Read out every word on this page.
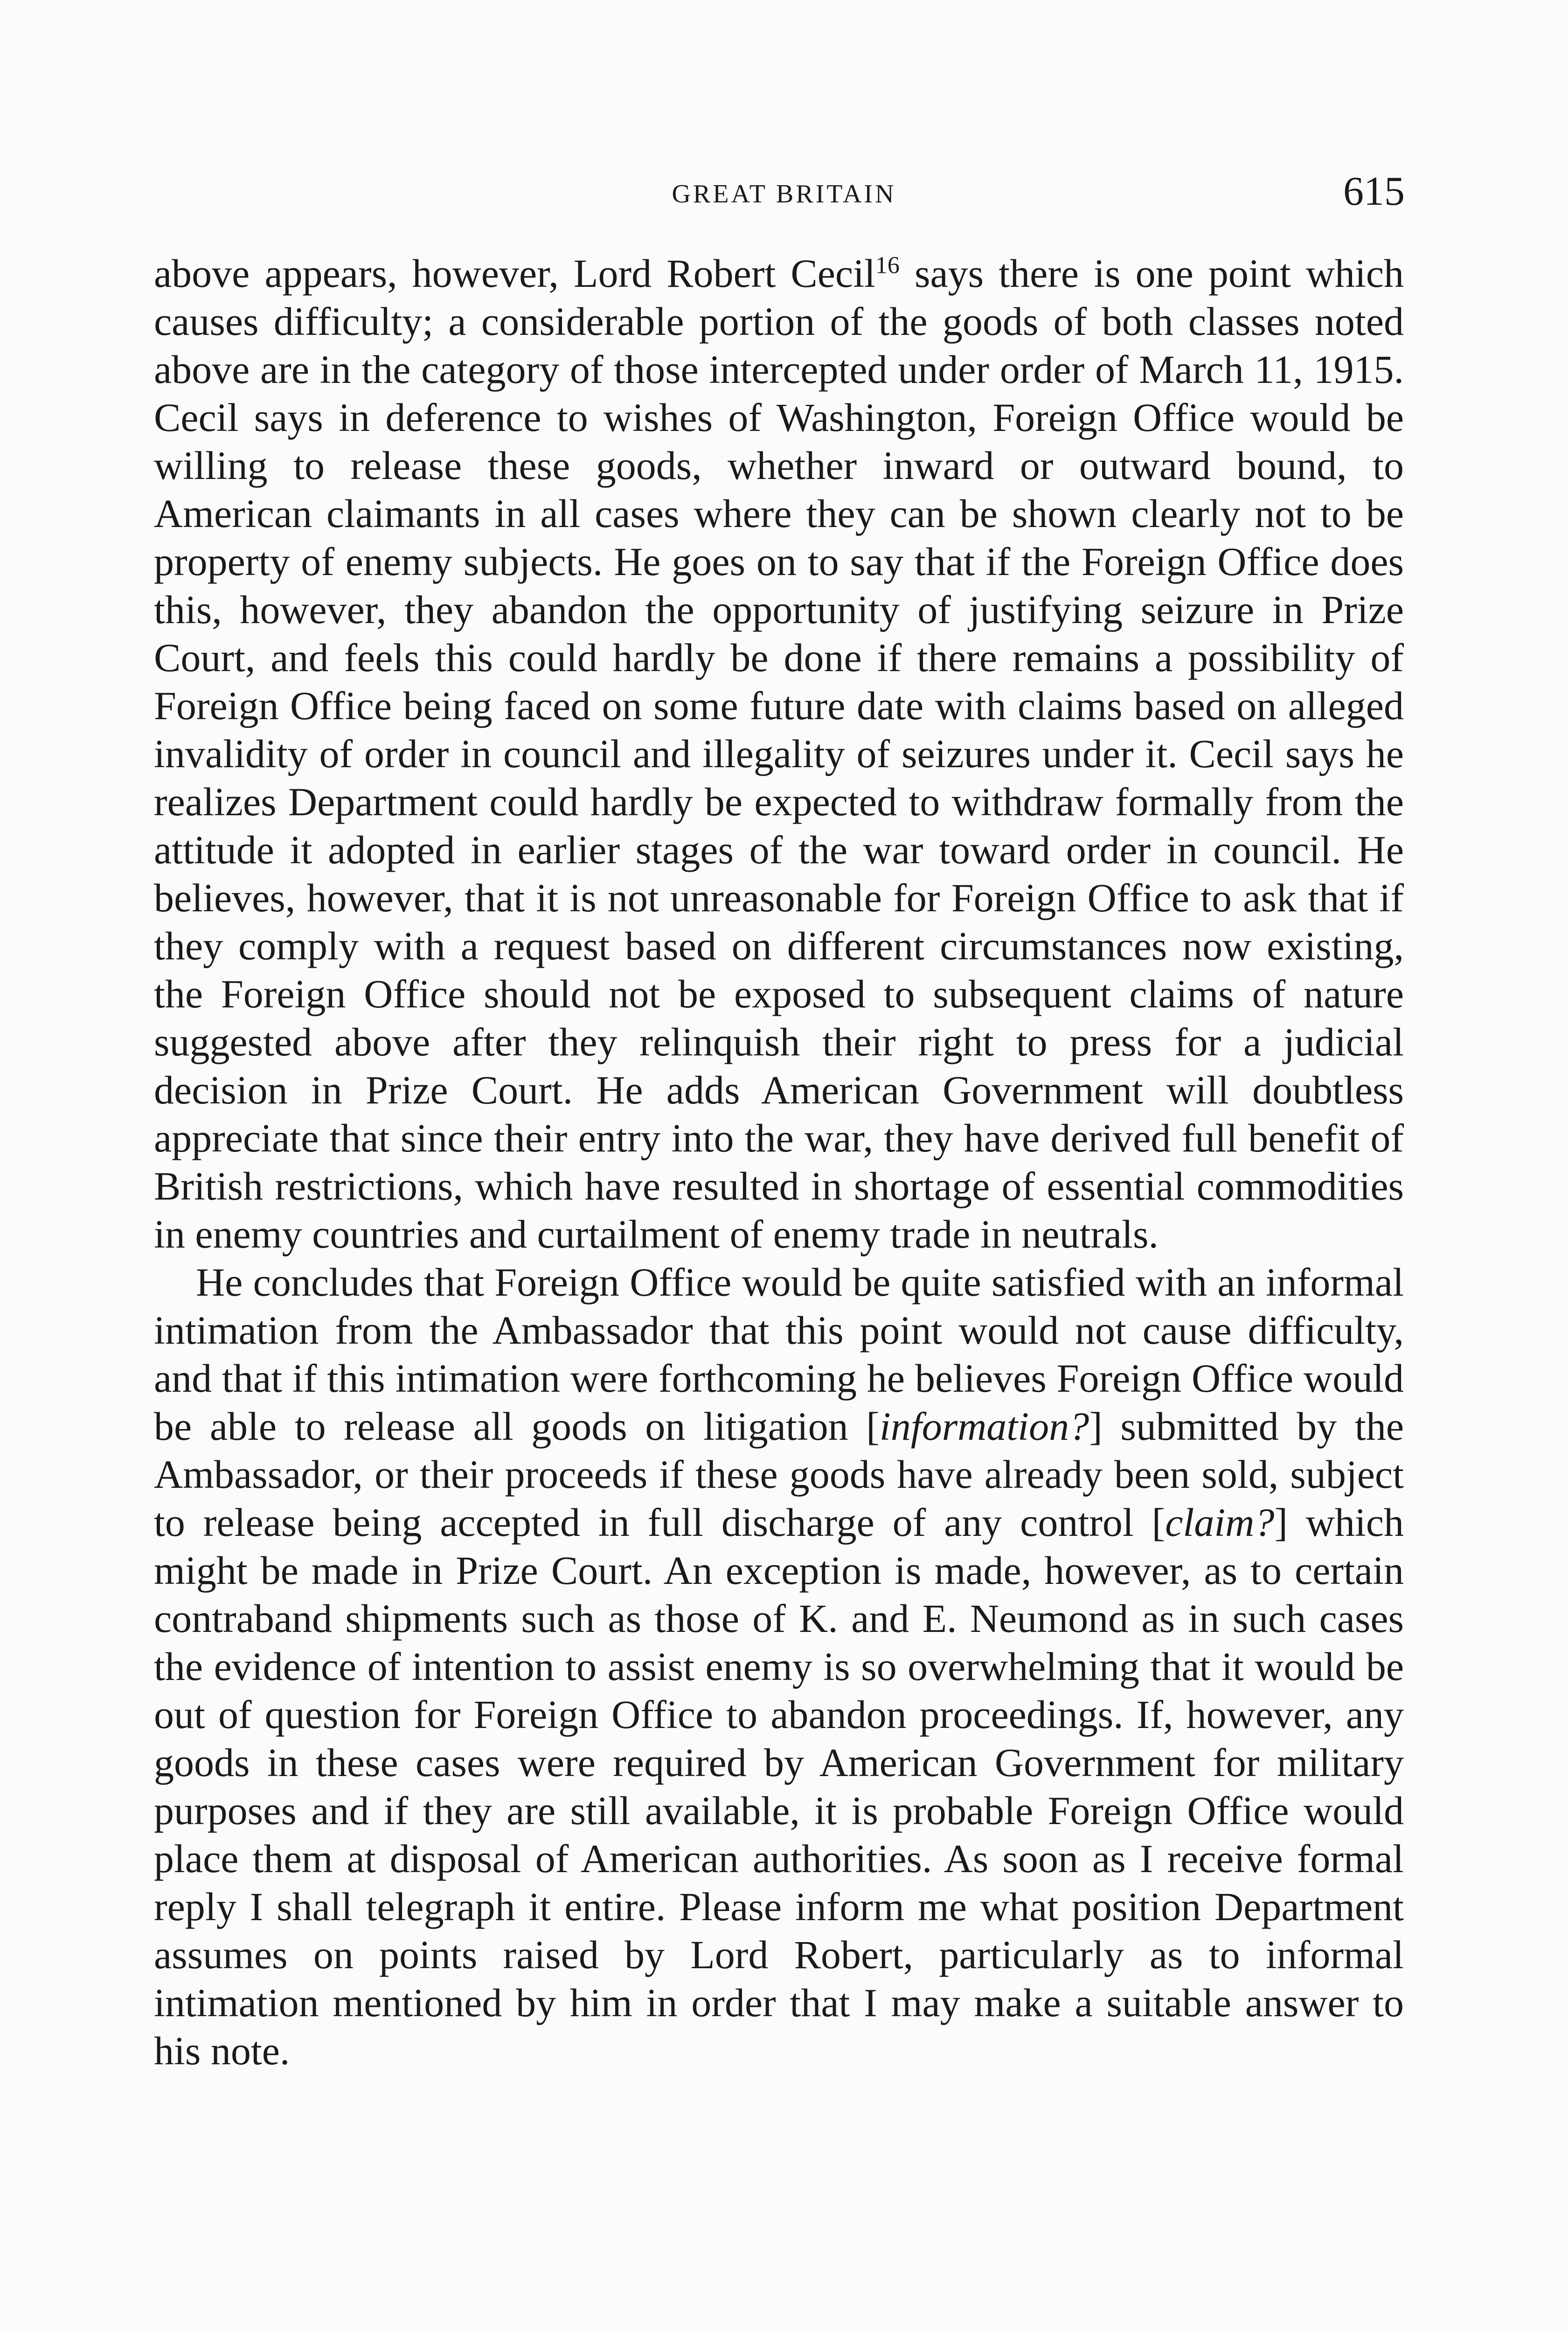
GREAT BRITAIN	615

above appears, however, Lord Robert Cecil$^{16}$ says there is one point which causes difficulty; a considerable portion of the goods of both classes noted above are in the category of those intercepted under order of March 11, 1915. Cecil says in deference to wishes of Washington, Foreign Office would be willing to release these goods, whether inward or outward bound, to American claimants in all cases where they can be shown clearly not to be property of enemy subjects. He goes on to say that if the Foreign Office does this, however, they abandon the opportunity of justifying seizure in Prize Court, and feels this could hardly be done if there remains a possibility of Foreign Office being faced on some future date with claims based on alleged invalidity of order in council and illegality of seizures under it. Cecil says he realizes Department could hardly be expected to withdraw formally from the attitude it adopted in earlier stages of the war toward order in council. He believes, however, that it is not unreasonable for Foreign Office to ask that if they comply with a request based on different circumstances now existing, the Foreign Office should not be exposed to subsequent claims of nature suggested above after they relinquish their right to press for a judicial decision in Prize Court. He adds American Government will doubtless appreciate that since their entry into the war, they have derived full benefit of British restrictions, which have resulted in shortage of essential commodities in enemy countries and curtailment of enemy trade in neutrals.

He concludes that Foreign Office would be quite satisfied with an informal intimation from the Ambassador that this point would not cause difficulty, and that if this intimation were forthcoming he believes Foreign Office would be able to release all goods on litigation [information?] submitted by the Ambassador, or their proceeds if these goods have already been sold, subject to release being accepted in full discharge of any control [claim?] which might be made in Prize Court. An exception is made, however, as to certain contraband shipments such as those of K. and E. Neumond as in such cases the evidence of intention to assist enemy is so overwhelming that it would be out of question for Foreign Office to abandon proceedings. If, however, any goods in these cases were required by American Government for military purposes and if they are still available, it is probable Foreign Office would place them at disposal of American authorities. As soon as I receive formal reply I shall telegraph it entire. Please inform me what position Department assumes on points raised by Lord Robert, particularly as to informal intimation mentioned by him in order that I may make a suitable answer to his note.
